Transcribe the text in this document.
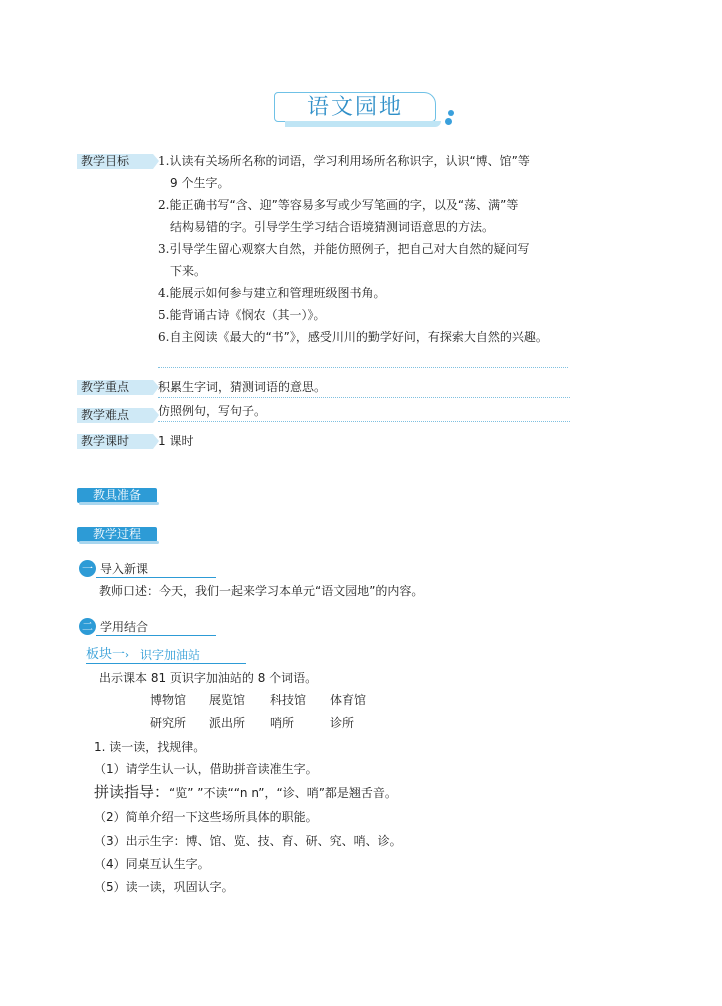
语文园地
教学目标	1.认读有关场所名称的词语，学习利用场所名称识字，认识“博、馆”等
9 个生字。
2.能正确书写“含、迎”等容易多写或少写笔画的字，以及“荡、满”等
结构易错的字。引导学生学习结合语境猜测词语意思的方法。
3.引导学生留心观察大自然，并能仿照例子，把自己对大自然的疑问写
下来。
4.能展示如何参与建立和管理班级图书角。
5.能背诵古诗《悯农（其一）》。
6.自主阅读《最大的“书”》，感受川川的勤学好问，有探索大自然的兴趣。
教学重点	积累生字词，猜测词语的意思。
教学难点	仿照例句，写句子。
教学课时	1 课时
教具准备
教学过程
一 导入新课
教师口述：今天，我们一起来学习本单元“语文园地”的内容。
二 学用结合
板块一› 识字加油站
出示课本 81 页识字加油站的 8 个词语。
博物馆 展览馆 科技馆 体育馆
研究所 派出所 哨所	诊所
1. 读一读，找规律。
（1）请学生认一认，借助拼音读准生字。
拼读指导：“览” ”不读““n n”，“诊、哨”都是翘舌音。
（2）简单介绍一下这些场所具体的职能。
（3）出示生字：博、馆、览、技、育、研、究、哨、诊。
（4）同桌互认生字。
（5）读一读，巩固认字。
